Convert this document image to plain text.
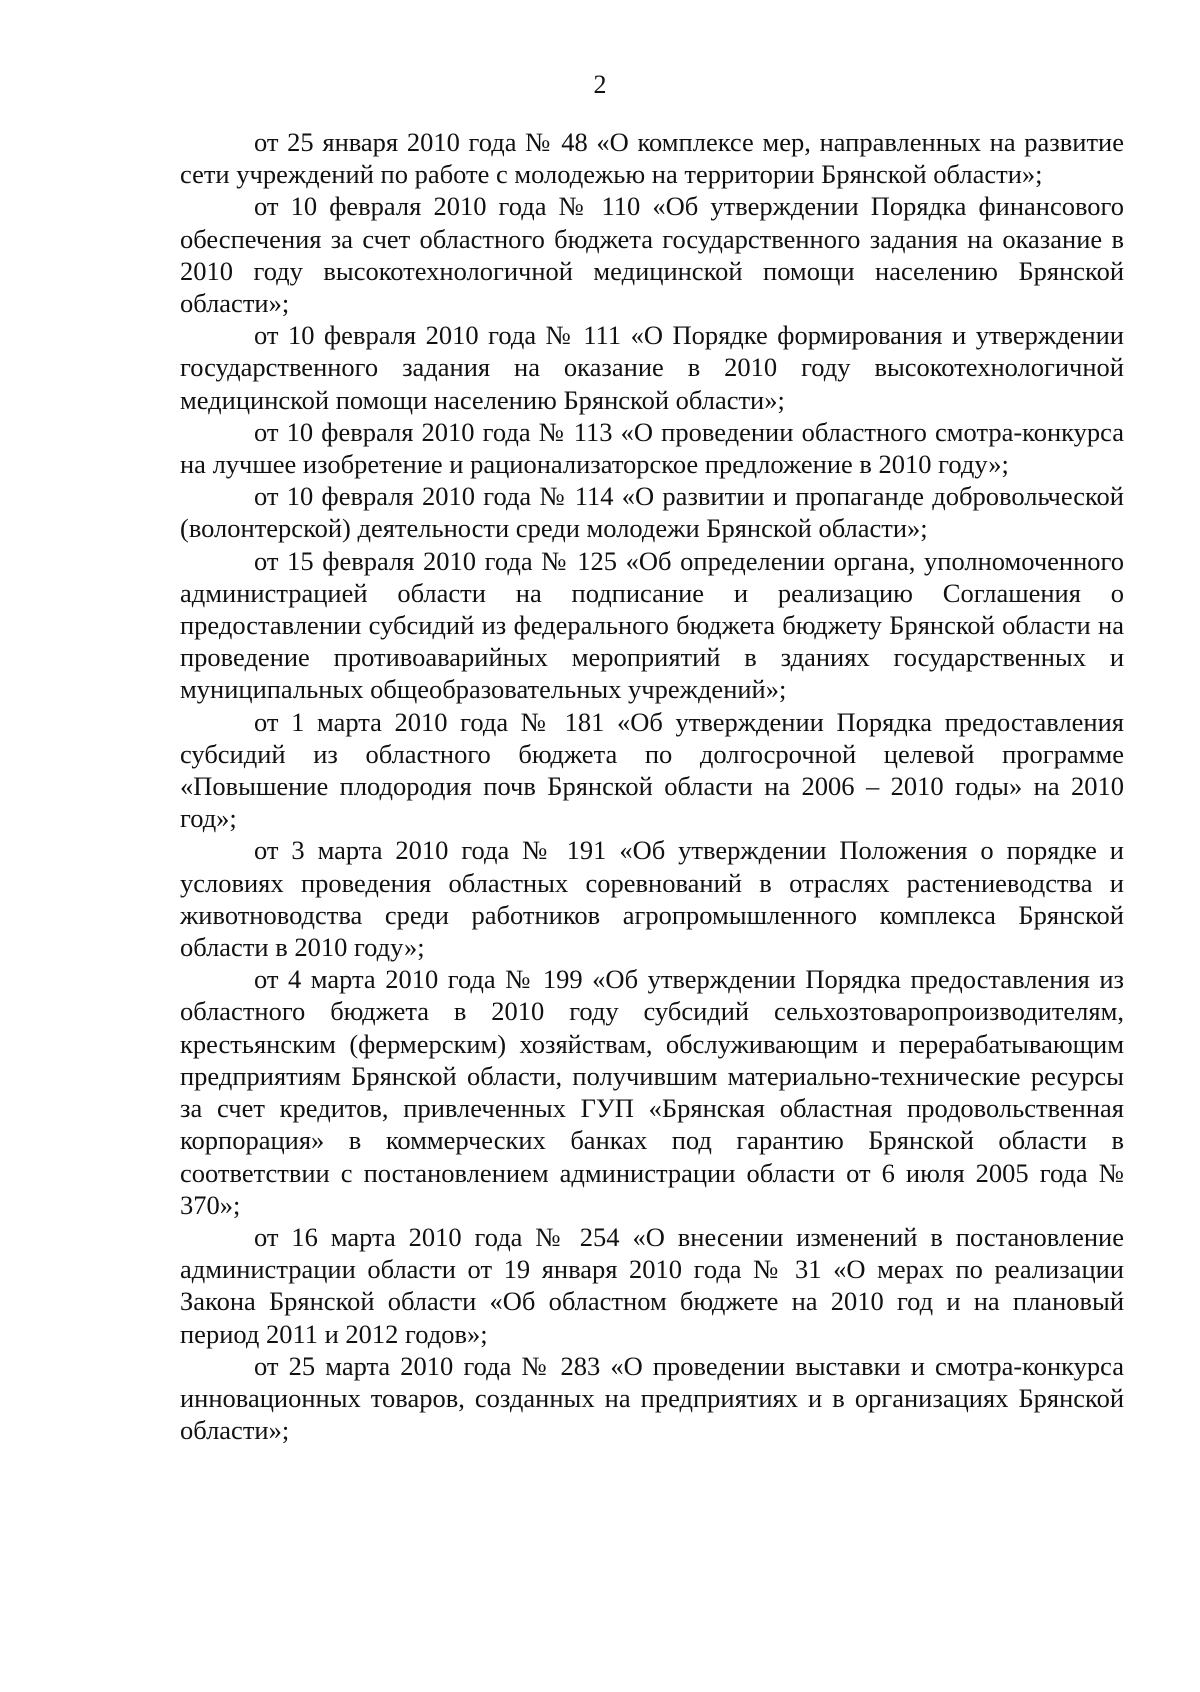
2

от 25 января 2010 года № 48 «О комплексе мер, направленных на развитие сети учреждений по работе с молодежью на территории Брянской области»;

от 10 февраля 2010 года № 110 «Об утверждении Порядка финансового обеспечения за счет областного бюджета государственного задания на оказание в 2010 году высокотехнологичной медицинской помощи населению Брянской области»;

от 10 февраля 2010 года № 111 «О Порядке формирования и утверждении государственного задания на оказание в 2010 году высокотехнологичной медицинской помощи населению Брянской области»;

от 10 февраля 2010 года № 113 «О проведении областного смотра-конкурса на лучшее изобретение и рационализаторское предложение в 2010 году»;

от 10 февраля 2010 года № 114 «О развитии и пропаганде добровольческой (волонтерской) деятельности среди молодежи Брянской области»;

от 15 февраля 2010 года № 125 «Об определении органа, уполномоченного администрацией области на подписание и реализацию Соглашения о предоставлении субсидий из федерального бюджета бюджету Брянской области на проведение противоаварийных мероприятий в зданиях государственных и муниципальных общеобразовательных учреждений»;

от 1 марта 2010 года № 181 «Об утверждении Порядка предоставления субсидий из областного бюджета по долгосрочной целевой программе «Повышение плодородия почв Брянской области на 2006 – 2010 годы» на 2010 год»;

от 3 марта 2010 года № 191 «Об утверждении Положения о порядке и условиях проведения областных соревнований в отраслях растениеводства и животноводства среди работников агропромышленного комплекса Брянской области в 2010 году»;

от 4 марта 2010 года № 199 «Об утверждении Порядка предоставления из областного бюджета в 2010 году субсидий сельхозтоваропроизводителям, крестьянским (фермерским) хозяйствам, обслуживающим и перерабатывающим предприятиям Брянской области, получившим материально-технические ресурсы за счет кредитов, привлеченных ГУП «Брянская областная продовольственная корпорация» в коммерческих банках под гарантию Брянской области в соответствии с постановлением администрации области от 6 июля 2005 года № 370»;

от 16 марта 2010 года № 254 «О внесении изменений в постановление администрации области от 19 января 2010 года № 31 «О мерах по реализации Закона Брянской области «Об областном бюджете на 2010 год и на плановый период 2011 и 2012 годов»;

от 25 марта 2010 года № 283 «О проведении выставки и смотра-конкурса инновационных товаров, созданных на предприятиях и в организациях Брянской области»;
